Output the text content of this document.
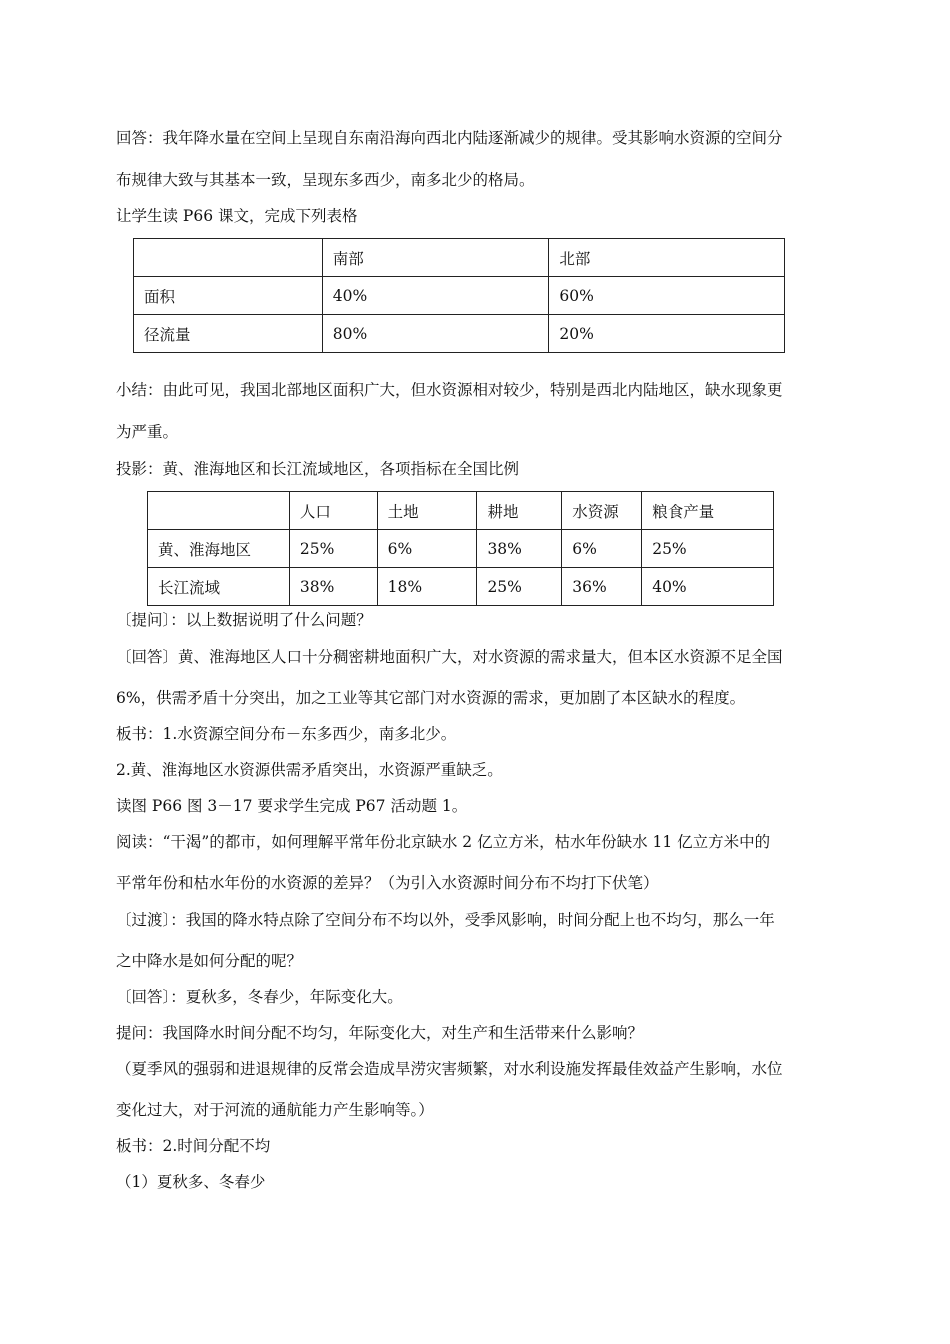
回答：我年降水量在空间上呈现自东南沿海向西北内陆逐渐减少的规律。受其影响水资源的空间分
布规律大致与其基本一致，呈现东多西少，南多北少的格局。
让学生读 P66 课文，完成下列表格
	南部	北部
面积	40%	60%
径流量	80%	20%
小结：由此可见，我国北部地区面积广大，但水资源相对较少，特别是西北内陆地区，缺水现象更
为严重。
投影：黄、淮海地区和长江流域地区，各项指标在全国比例
	人口	土地	耕地	水资源	粮食产量
黄、淮海地区	25%	6%	38%	6%	25%
长江流域	38%	18%	25%	36%	40%
〔提问〕：以上数据说明了什么问题？
〔回答〕黄、淮海地区人口十分稠密耕地面积广大，对水资源的需求量大，但本区水资源不足全国
6%，供需矛盾十分突出，加之工业等其它部门对水资源的需求，更加剧了本区缺水的程度。
板书：1.水资源空间分布－东多西少，南多北少。
2.黄、淮海地区水资源供需矛盾突出，水资源严重缺乏。
读图 P66 图 3－17 要求学生完成 P67 活动题 1。
阅读：“干渴”的都市，如何理解平常年份北京缺水 2 亿立方米，枯水年份缺水 11 亿立方米中的
平常年份和枯水年份的水资源的差异？（为引入水资源时间分布不均打下伏笔）
〔过渡〕：我国的降水特点除了空间分布不均以外，受季风影响，时间分配上也不均匀，那么一年
之中降水是如何分配的呢？
〔回答〕：夏秋多，冬春少，年际变化大。
提问：我国降水时间分配不均匀，年际变化大，对生产和生活带来什么影响？
（夏季风的强弱和进退规律的反常会造成旱涝灾害频繁，对水利设施发挥最佳效益产生影响，水位
变化过大，对于河流的通航能力产生影响等。）
板书：2.时间分配不均
（1）夏秋多、冬春少
